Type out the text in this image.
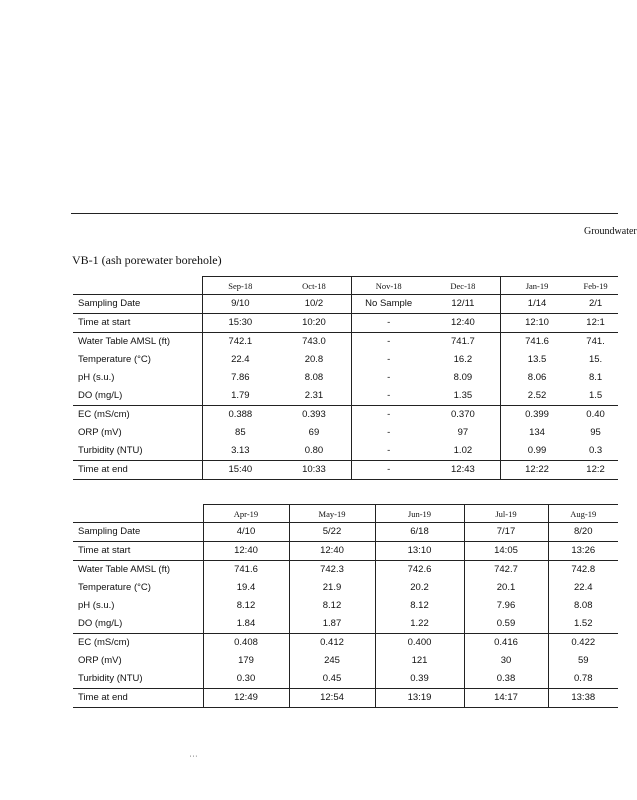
Groundwater
VB-1 (ash porewater borehole)
	Sep-18	Oct-18	Nov-18	Dec-18	Jan-19	Feb-19
Sampling Date	9/10	10/2	No Sample	12/11	1/14	2/1
Time at start	15:30	10:20	-	12:40	12:10	12:1
Water Table AMSL (ft)	742.1	743.0	-	741.7	741.6	741.
Temperature (°C)	22.4	20.8	-	16.2	13.5	15.
pH (s.u.)	7.86	8.08	-	8.09	8.06	8.1
DO (mg/L)	1.79	2.31	-	1.35	2.52	1.5
EC (mS/cm)	0.388	0.393	-	0.370	0.399	0.40
ORP (mV)	85	69	-	97	134	95
Turbidity (NTU)	3.13	0.80	-	1.02	0.99	0.3
Time at end	15:40	10:33	-	12:43	12:22	12:2
	Apr-19	May-19	Jun-19	Jul-19	Aug-19
Sampling Date	4/10	5/22	6/18	7/17	8/20
Time at start	12:40	12:40	13:10	14:05	13:26
Water Table AMSL (ft)	741.6	742.3	742.6	742.7	742.8
Temperature (°C)	19.4	21.9	20.2	20.1	22.4
pH (s.u.)	8.12	8.12	8.12	7.96	8.08
DO (mg/L)	1.84	1.87	1.22	0.59	1.52
EC (mS/cm)	0.408	0.412	0.400	0.416	0.422
ORP (mV)	179	245	121	30	59
Turbidity (NTU)	0.30	0.45	0.39	0.38	0.78
Time at end	12:49	12:54	13:19	14:17	13:38
' ' '
